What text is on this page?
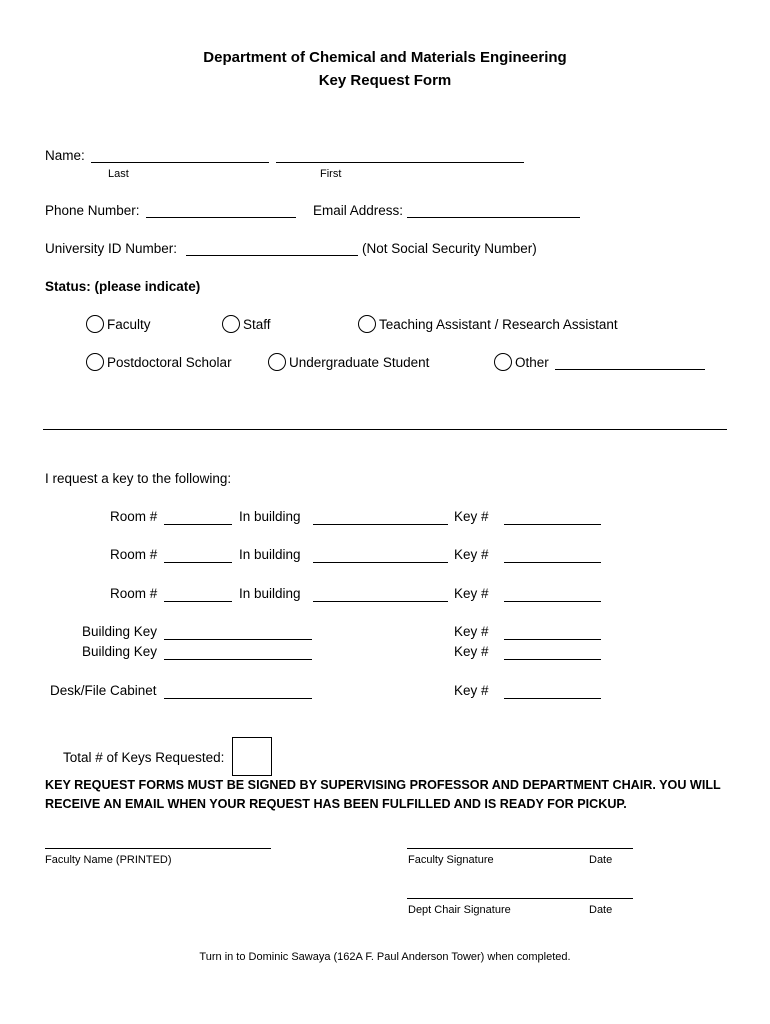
Department of Chemical and Materials Engineering
Key Request Form
Name:
Last	First
Phone Number:	Email Address:
University ID Number:	(Not Social Security Number)
Status: (please indicate)
Faculty	Staff	Teaching Assistant / Research Assistant
Postdoctoral Scholar	Undergraduate Student	Other
I request a key to the following:
Room #	In building	Key #
Room #	In building	Key #
Room #	In building	Key #
Building Key	Key #
Building Key	Key #
Desk/File Cabinet	Key #
Total # of Keys Requested:
KEY REQUEST FORMS MUST BE SIGNED BY SUPERVISING PROFESSOR AND DEPARTMENT CHAIR. YOU WILL
RECEIVE AN EMAIL WHEN YOUR REQUEST HAS BEEN FULFILLED AND IS READY FOR PICKUP.
Faculty Name (PRINTED)	Faculty Signature	Date
Dept Chair Signature	Date
Turn in to Dominic Sawaya (162A F. Paul Anderson Tower) when completed.
